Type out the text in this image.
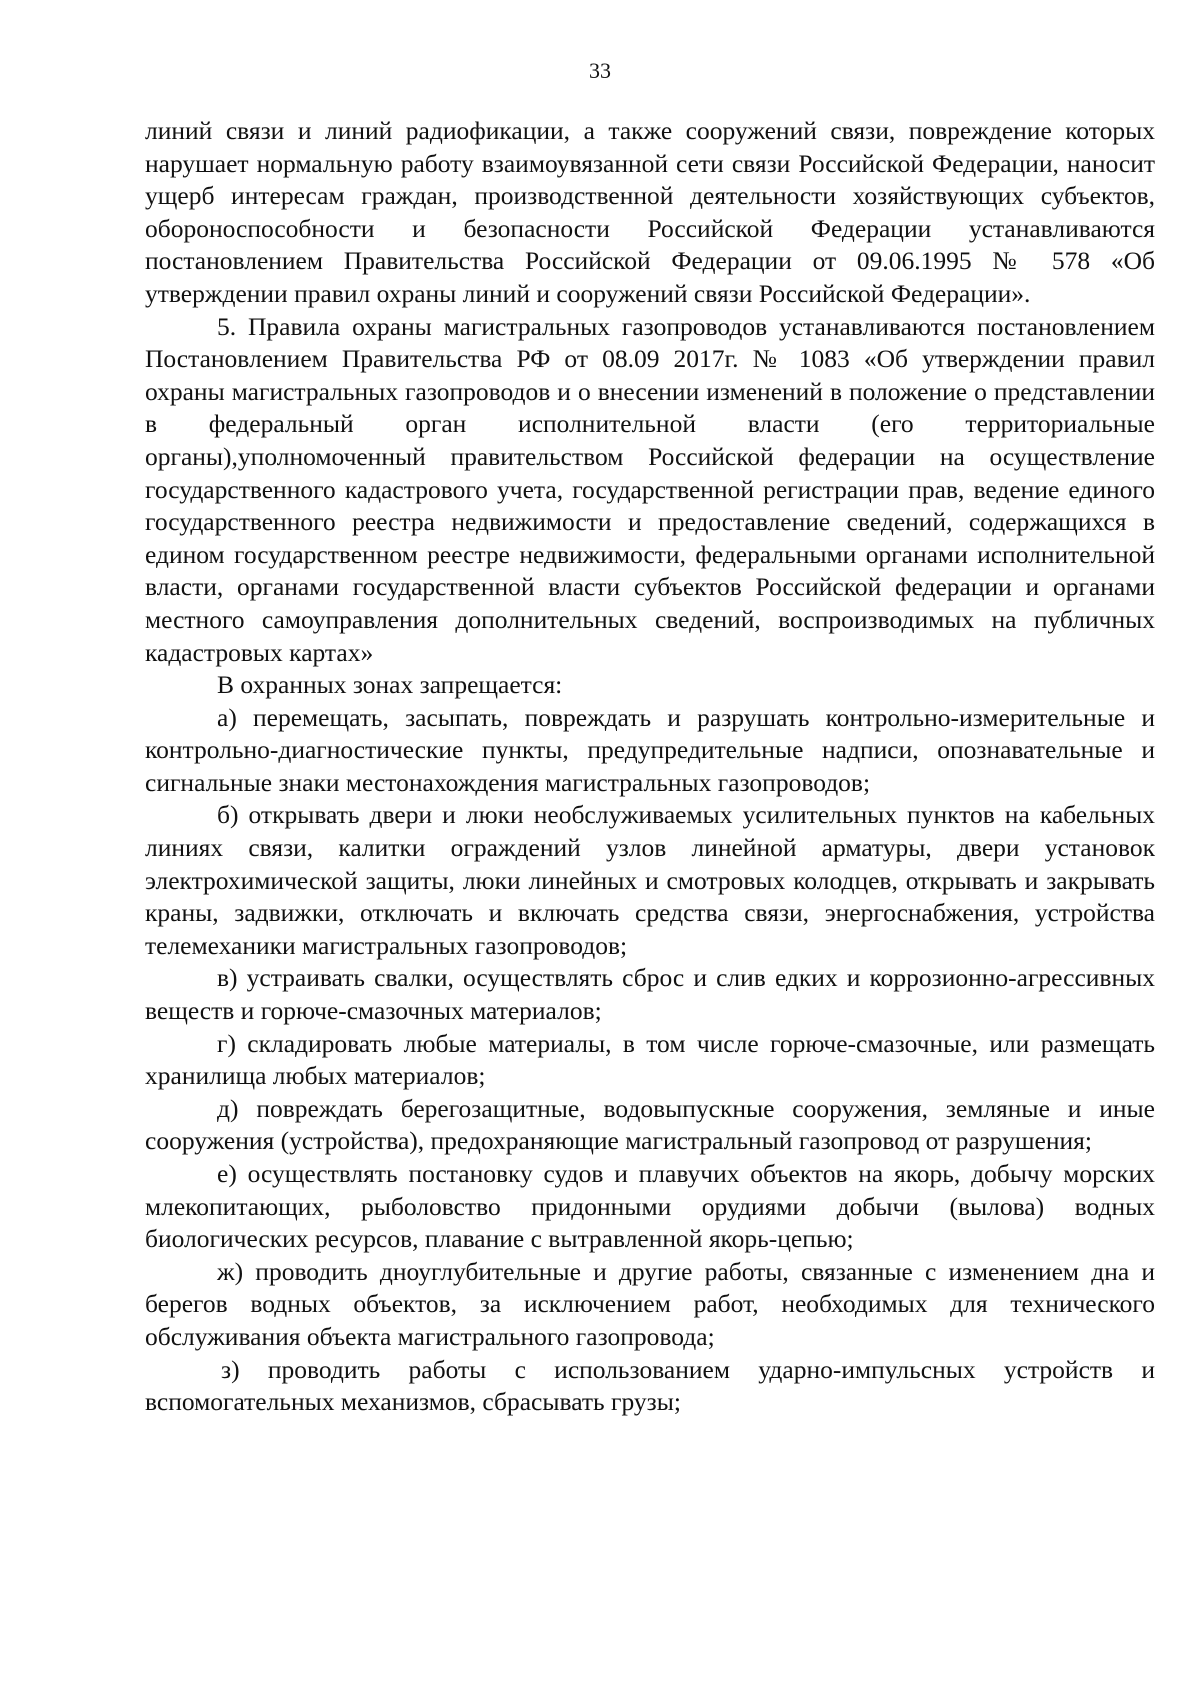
33

линий связи и линий радиофикации, а также сооружений связи, повреждение которых нарушает нормальную работу взаимоувязанной сети связи Российской Федерации, наносит ущерб интересам граждан, производственной деятельности хозяйствующих субъектов, обороноспособности и безопасности Российской Федерации устанавливаются постановлением Правительства Российской Федерации от 09.06.1995 № 578 «Об утверждении правил охраны линий и сооружений связи Российской Федерации».

5. Правила охраны магистральных газопроводов устанавливаются постановлением Постановлением Правительства РФ от 08.09 2017г. № 1083 «Об утверждении правил охраны магистральных газопроводов и о внесении изменений в положение о представлении в федеральный орган исполнительной власти (его территориальные органы),уполномоченный правительством Российской федерации на осуществление государственного кадастрового учета, государственной регистрации прав, ведение единого государственного реестра недвижимости и предоставление сведений, содержащихся в едином государственном реестре недвижимости, федеральными органами исполнительной власти, органами государственной власти субъектов Российской федерации и органами местного самоуправления дополнительных сведений, воспроизводимых на публичных кадастровых картах»

В охранных зонах запрещается:

а) перемещать, засыпать, повреждать и разрушать контрольно-измерительные и контрольно-диагностические пункты, предупредительные надписи, опознавательные и сигнальные знаки местонахождения магистральных газопроводов;

б) открывать двери и люки необслуживаемых усилительных пунктов на кабельных линиях связи, калитки ограждений узлов линейной арматуры, двери установок электрохимической защиты, люки линейных и смотровых колодцев, открывать и закрывать краны, задвижки, отключать и включать средства связи, энергоснабжения, устройства телемеханики магистральных газопроводов;

в) устраивать свалки, осуществлять сброс и слив едких и коррозионно-агрессивных веществ и горюче-смазочных материалов;

г) складировать любые материалы, в том числе горюче-смазочные, или размещать хранилища любых материалов;

д) повреждать берегозащитные, водовыпускные сооружения, земляные и иные сооружения (устройства), предохраняющие магистральный газопровод от разрушения;

е) осуществлять постановку судов и плавучих объектов на якорь, добычу морских млекопитающих, рыболовство придонными орудиями добычи (вылова) водных биологических ресурсов, плавание с вытравленной якорь-цепью;

ж) проводить дноуглубительные и другие работы, связанные с изменением дна и берегов водных объектов, за исключением работ, необходимых для технического обслуживания объекта магистрального газопровода;

з) проводить работы с использованием ударно-импульсных устройств и вспомогательных механизмов, сбрасывать грузы;
